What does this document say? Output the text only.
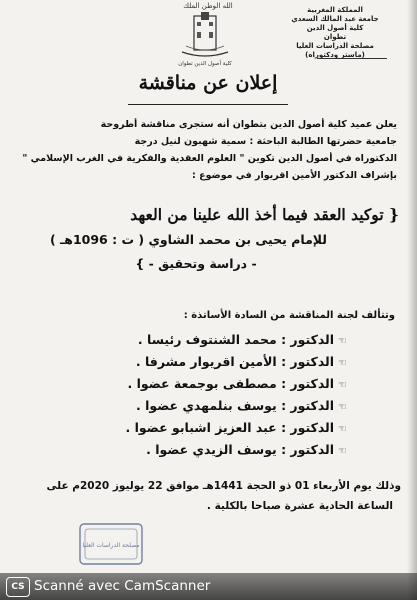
الله الوطن الملك
كلية أصول الدين تطوان
المملكة المغربية
جامعة عبد المالك السعدي
كلية أصول الدين
تطوان
مصلحة الدراسات العليا
(ماستر ودكتوراه)
إعلان عن مناقشة
يعلن عميد كلية أصول الدين بتطوان أنه ستجرى مناقشة أطروحة
جامعية حضرتها الطالبة الباحثة : سمية شهبون لنيل درجة
الدكتوراه في أصول الدين تكوين " العلوم العقدية والفكرية في الغرب الإسلامي "
بإشراف الدكتور الأمين اقريوار في موضوع :
{ توكيد العقد فيما أخذ الله علينا من العهد
للإمام يحيى بن محمد الشاوي ( ت : 1096هـ )
- دراسة وتحقيق - }
وتتألف لجنة المناقشة من السادة الأساتذة :
☜الدكتور : محمد الشنتوف رئيسا .
☜الدكتور : الأمين اقريوار مشرفا .
☜الدكتور : مصطفى بوجمعة عضوا .
☜الدكتور : يوسف بنلمهدي عضوا .
☜الدكتور : عبد العزيز اشبابو عضوا .
☜الدكتور : يوسف الزيدي عضوا .
وذلك يوم الأربعاء 01 ذو الحجة 1441هـ موافق 22 يوليوز 2020م على
الساعة الحادية عشرة صباحا بالكلية .
مصلحة الدراسات العليا
CS Scanné avec CamScanner
